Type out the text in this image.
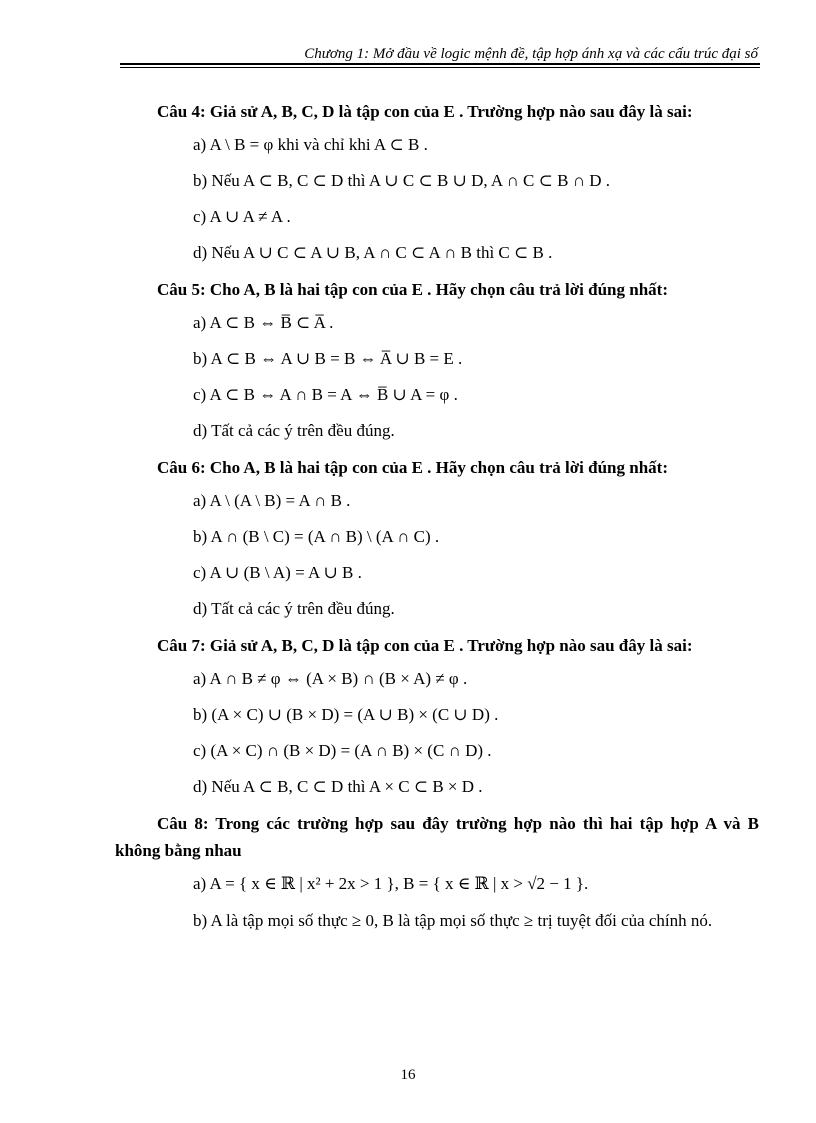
Chương 1: Mở đầu về logic mệnh đề, tập hợp ánh xạ và các cấu trúc đại số
Câu 4: Giả sử A, B, C, D là tập con của E . Trường hợp nào sau đây là sai:
a) A \ B = φ khi và chỉ khi A ⊂ B .
b) Nếu A ⊂ B, C ⊂ D thì A ∪ C ⊂ B ∪ D, A ∩ C ⊂ B ∩ D .
c) A ∪ A ≠ A .
d) Nếu A ∪ C ⊂ A ∪ B, A ∩ C ⊂ A ∩ B thì C ⊂ B .
Câu 5: Cho A, B là hai tập con của E . Hãy chọn câu trả lời đúng nhất:
a) A ⊂ B ⇔ B̅ ⊂ A̅ .
b) A ⊂ B ⇔ A ∪ B = B ⇔ A̅ ∪ B = E .
c) A ⊂ B ⇔ A ∩ B = A ⇔ B̅ ∪ A = φ .
d) Tất cả các ý trên đều đúng.
Câu 6: Cho A, B là hai tập con của E . Hãy chọn câu trả lời đúng nhất:
a) A \ (A \ B) = A ∩ B .
b) A ∩ (B \ C) = (A ∩ B) \ (A ∩ C) .
c) A ∪ (B \ A) = A ∪ B .
d) Tất cả các ý trên đều đúng.
Câu 7: Giả sử A, B, C, D là tập con của E . Trường hợp nào sau đây là sai:
a) A ∩ B ≠ φ ⇔ (A × B) ∩ (B × A) ≠ φ .
b) (A × C) ∪ (B × D) = (A ∪ B) × (C ∪ D) .
c) (A × C) ∩ (B × D) = (A ∩ B) × (C ∩ D) .
d) Nếu A ⊂ B, C ⊂ D thì A × C ⊂ B × D .
Câu 8: Trong các trường hợp sau đây trường hợp nào thì hai tập hợp A và B không bằng nhau
a) A = { x ∈ ℝ | x² + 2x > 1 }, B = { x ∈ ℝ | x > √2 − 1 }.
b) A là tập mọi số thực ≥ 0, B là tập mọi số thực ≥ trị tuyệt đối của chính nó.
16
